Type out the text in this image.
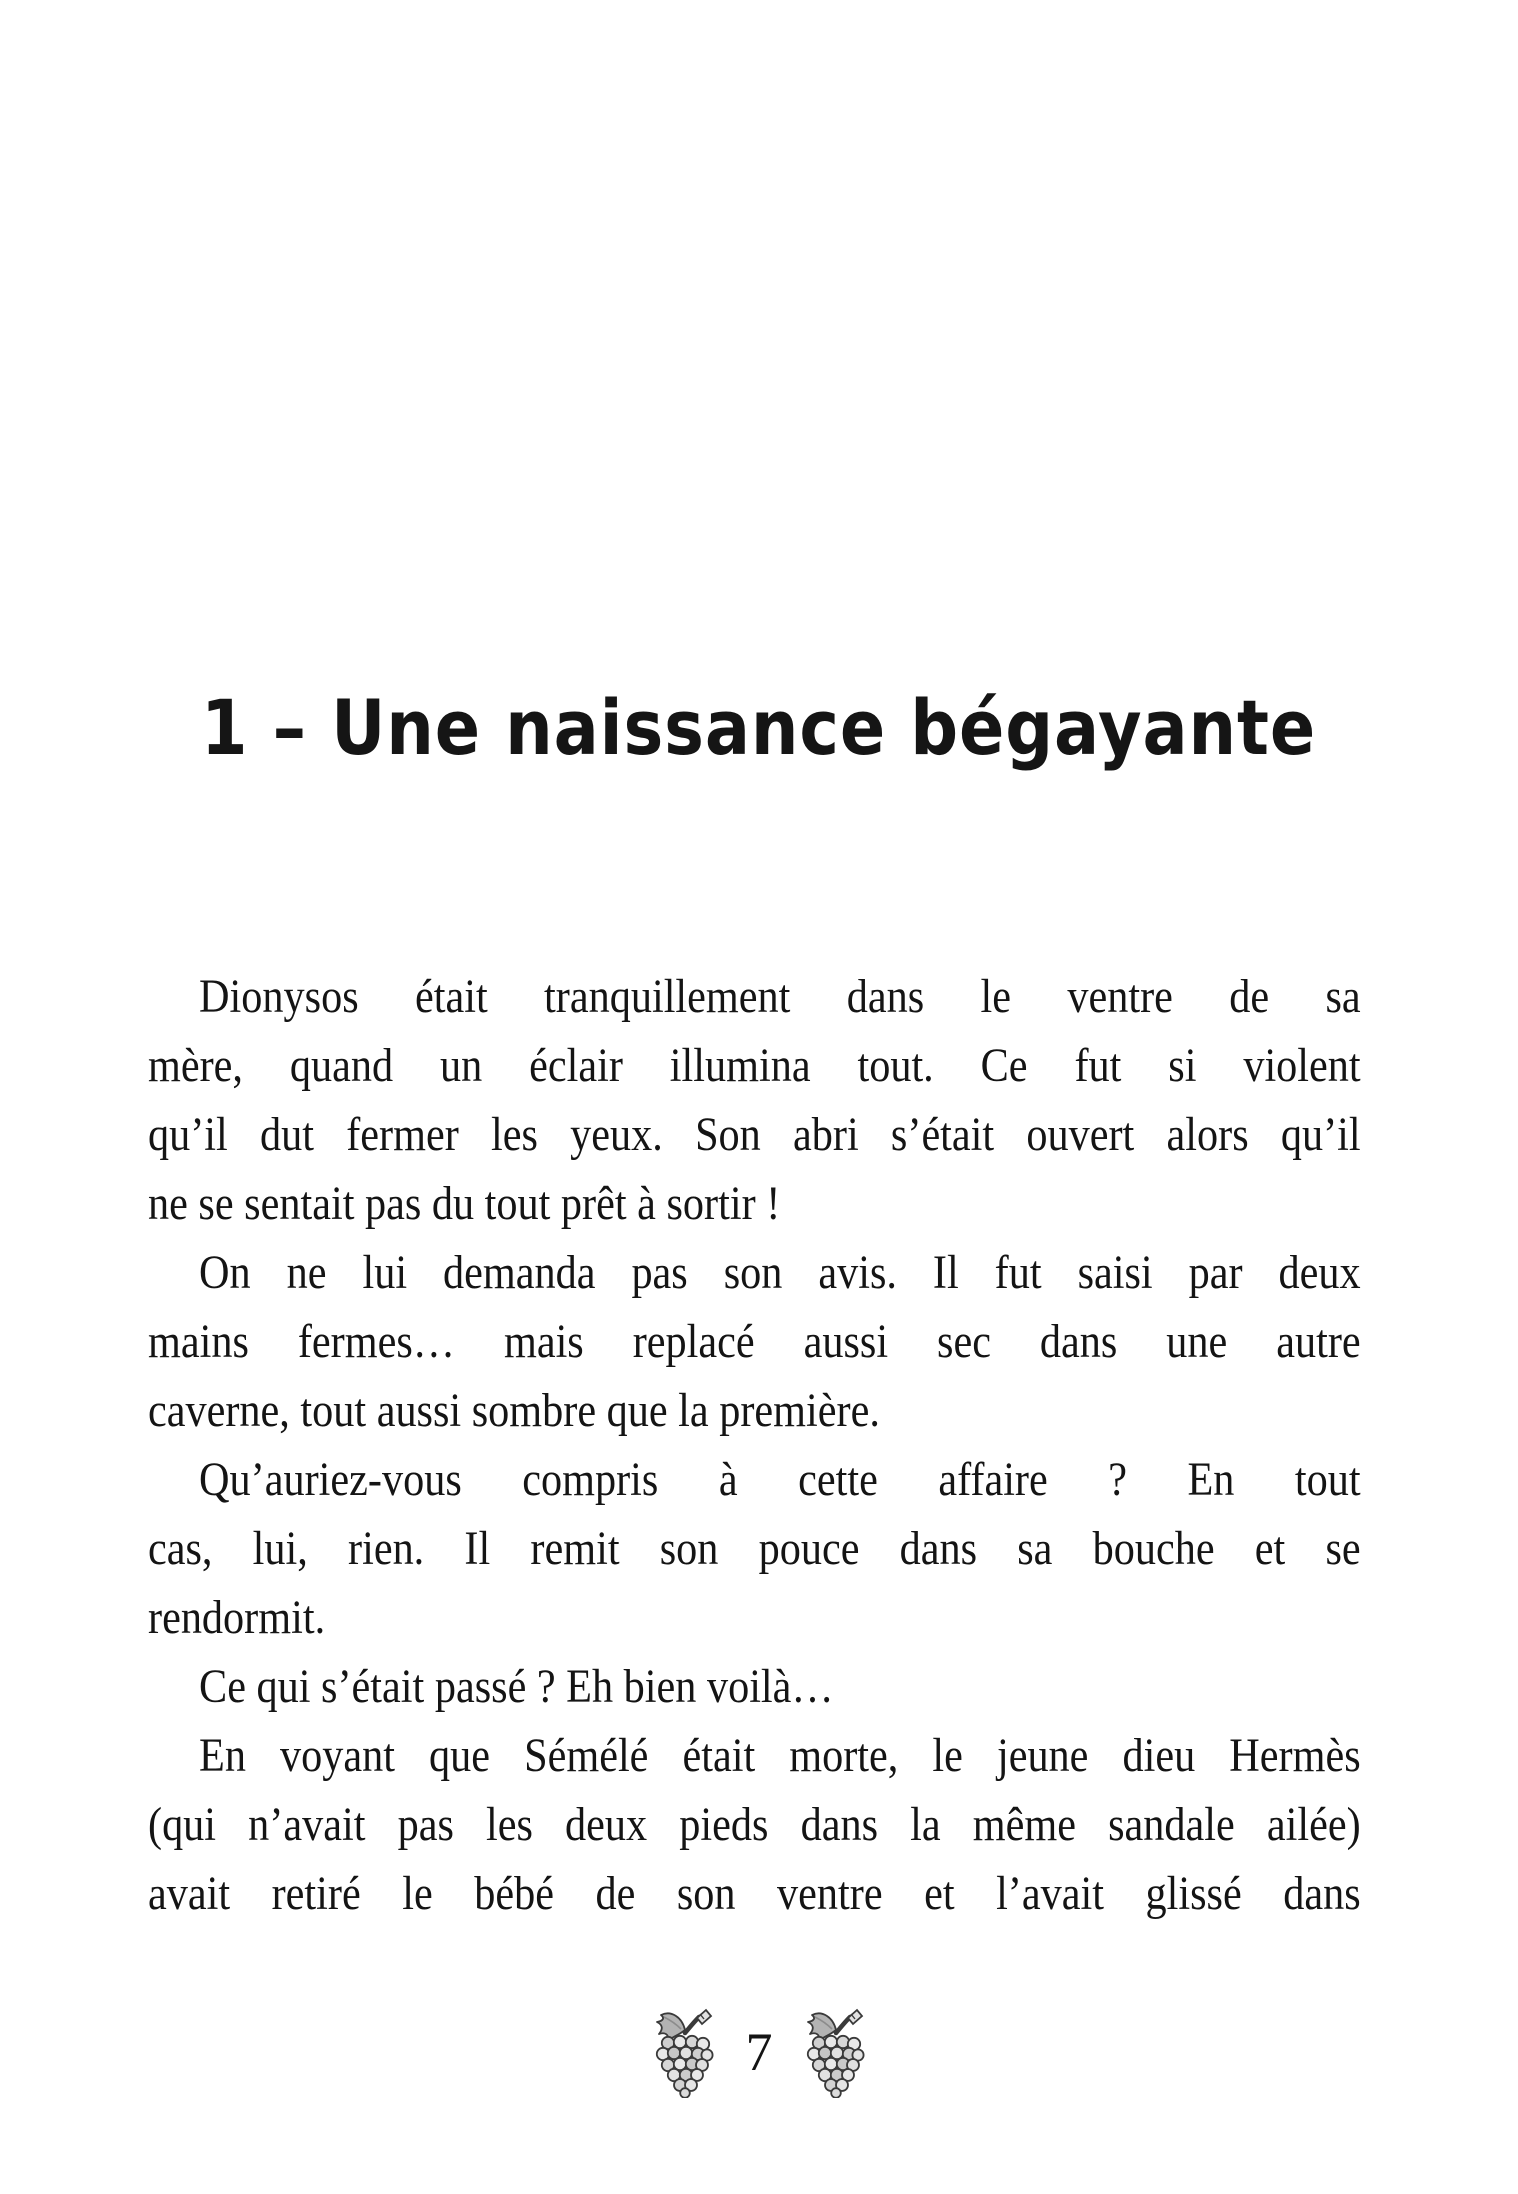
1 – Une naissance bégayante
Dionysos était tranquillement dans le ventre de sa
mère, quand un éclair illumina tout. Ce fut si violent
qu’il dut fermer les yeux. Son abri s’était ouvert alors qu’il
ne se sentait pas du tout prêt à sortir !
On ne lui demanda pas son avis. Il fut saisi par deux
mains fermes… mais replacé aussi sec dans une autre
caverne, tout aussi sombre que la première.
Qu’auriez-vous compris à cette affaire ? En tout
cas, lui, rien. Il remit son pouce dans sa bouche et se
rendormit.
Ce qui s’était passé ? Eh bien voilà…
En voyant que Sémélé était morte, le jeune dieu Hermès
(qui n’avait pas les deux pieds dans la même sandale ailée)
avait retiré le bébé de son ventre et l’avait glissé dans
7
